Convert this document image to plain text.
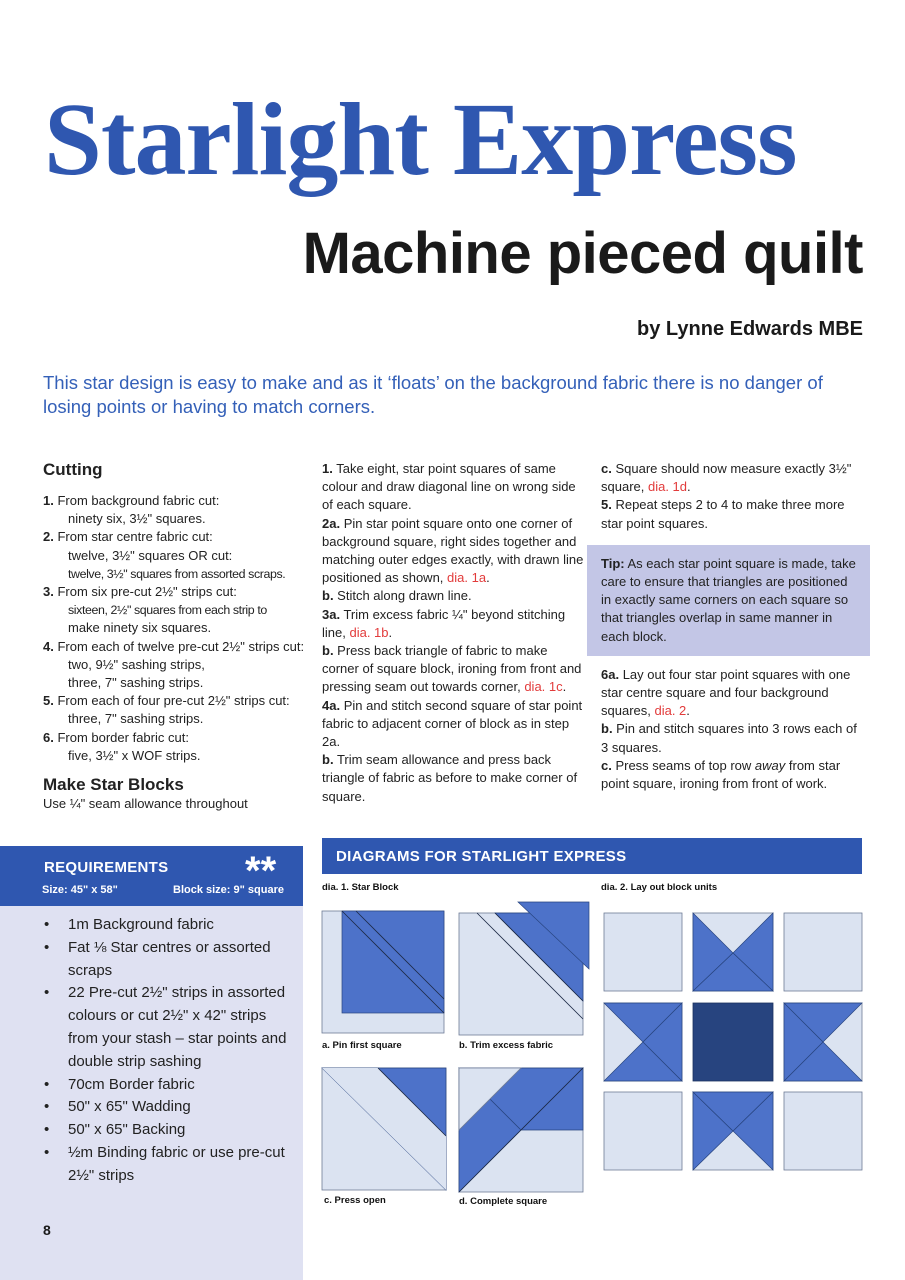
Starlight Express
Machine pieced quilt
by Lynne Edwards MBE
This star design is easy to make and as it ‘floats’ on the background fabric there is no danger of losing points or having to match corners.
Cutting
1. From background fabric cut:
ninety six, 3½" squares.
2. From star centre fabric cut:
twelve, 3½" squares OR cut:
twelve, 3½" squares from assorted scraps.
3. From six pre-cut 2½" strips cut:
sixteen, 2½" squares from each strip to
make ninety six squares.
4. From each of twelve pre-cut 2½" strips cut:
two, 9½" sashing strips,
three, 7" sashing strips.
5. From each of four pre-cut 2½" strips cut:
three, 7" sashing strips.
6. From border fabric cut:
five, 3½" x WOF strips.
Make Star Blocks
Use ¼" seam allowance throughout
1. Take eight, star point squares of same colour and draw diagonal line on wrong side of each square.
2a. Pin star point square onto one corner of background square, right sides together and matching outer edges exactly, with drawn line positioned as shown, dia. 1a.
b. Stitch along drawn line.
3a. Trim excess fabric ¼" beyond stitching line, dia. 1b.
b. Press back triangle of fabric to make corner of square block, ironing from front and pressing seam out towards corner, dia. 1c.
4a. Pin and stitch second square of star point fabric to adjacent corner of block as in step 2a.
b. Trim seam allowance and press back triangle of fabric as before to make corner of square.
c. Square should now measure exactly 3½" square, dia. 1d.
5. Repeat steps 2 to 4 to make three more star point squares.
Tip: As each star point square is made, take care to ensure that triangles are positioned in exactly same corners on each square so that triangles overlap in same manner in each block.
6a. Lay out four star point squares with one star centre square and four background squares, dia. 2.
b. Pin and stitch squares into 3 rows each of 3 squares.
c. Press seams of top row away from star point square, ironing from front of work.
REQUIREMENTS **
Size: 45" x 58"	Block size: 9" square
• 1m Background fabric
• Fat ⅛ Star centres or assorted scraps
• 22 Pre-cut 2½" strips in assorted colours or cut 2½" x 42" strips from your stash – star points and double strip sashing
• 70cm Border fabric
• 50" x 65" Wadding
• 50" x 65" Backing
• ½m Binding fabric or use pre-cut 2½" strips
8
DIAGRAMS FOR STARLIGHT EXPRESS
dia. 1. Star Block	dia. 2. Lay out block units
a. Pin first square	b. Trim excess fabric
c. Press open	d. Complete square
